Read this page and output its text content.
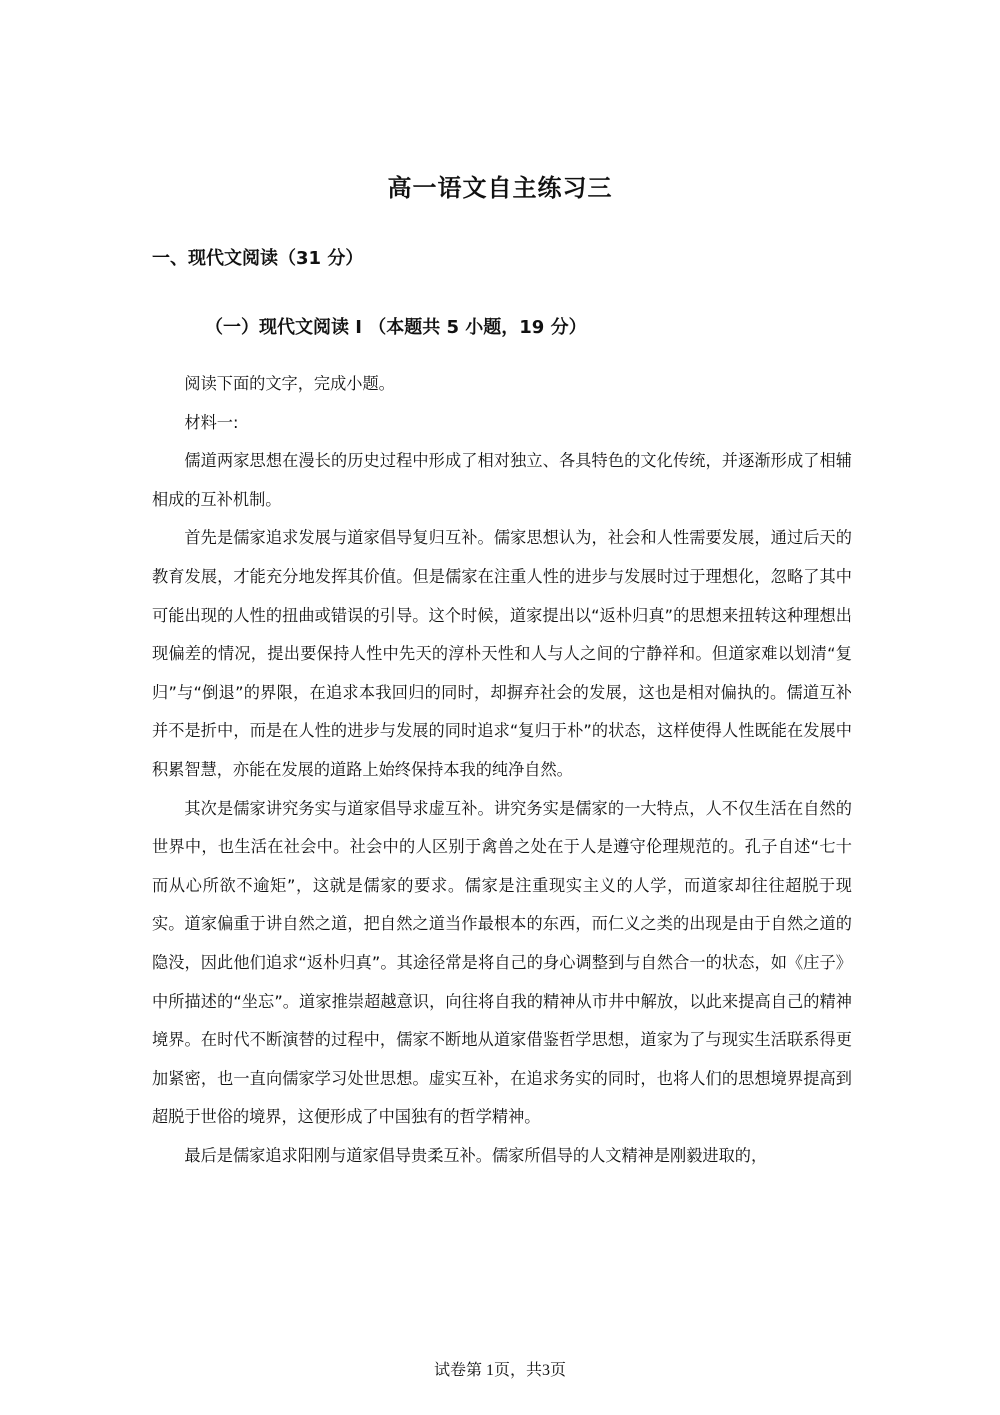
高一语文自主练习三
一、现代文阅读（31 分）
（一）现代文阅读 I （本题共 5 小题，19 分）

阅读下面的文字，完成小题。

材料一:

儒道两家思想在漫长的历史过程中形成了相对独立、各具特色的文化传统，并逐渐形成了相辅相成的互补机制。

首先是儒家追求发展与道家倡导复归互补。儒家思想认为，社会和人性需要发展，通过后天的教育发展，才能充分地发挥其价值。但是儒家在注重人性的进步与发展时过于理想化，忽略了其中可能出现的人性的扭曲或错误的引导。这个时候，道家提出以“返朴归真”的思想来扭转这种理想出现偏差的情况，提出要保持人性中先天的淳朴天性和人与人之间的宁静祥和。但道家难以划清“复归”与“倒退”的界限，在追求本我回归的同时，却摒弃社会的发展，这也是相对偏执的。儒道互补并不是折中，而是在人性的进步与发展的同时追求“复归于朴”的状态，这样使得人性既能在发展中积累智慧，亦能在发展的道路上始终保持本我的纯净自然。

其次是儒家讲究务实与道家倡导求虚互补。讲究务实是儒家的一大特点，人不仅生活在自然的世界中，也生活在社会中。社会中的人区别于禽兽之处在于人是遵守伦理规范的。孔子自述“七十而从心所欲不逾矩”，这就是儒家的要求。儒家是注重现实主义的人学，而道家却往往超脱于现实。道家偏重于讲自然之道，把自然之道当作最根本的东西，而仁义之类的出现是由于自然之道的隐没，因此他们追求“返朴归真”。其途径常是将自己的身心调整到与自然合一的状态，如《庄子》中所描述的“坐忘”。道家推崇超越意识，向往将自我的精神从市井中解放，以此来提高自己的精神境界。在时代不断演替的过程中，儒家不断地从道家借鉴哲学思想，道家为了与现实生活联系得更加紧密，也一直向儒家学习处世思想。虚实互补，在追求务实的同时，也将人们的思想境界提高到超脱于世俗的境界，这便形成了中国独有的哲学精神。

最后是儒家追求阳刚与道家倡导贵柔互补。儒家所倡导的人文精神是刚毅进取的，

试卷第 1页，共3页
